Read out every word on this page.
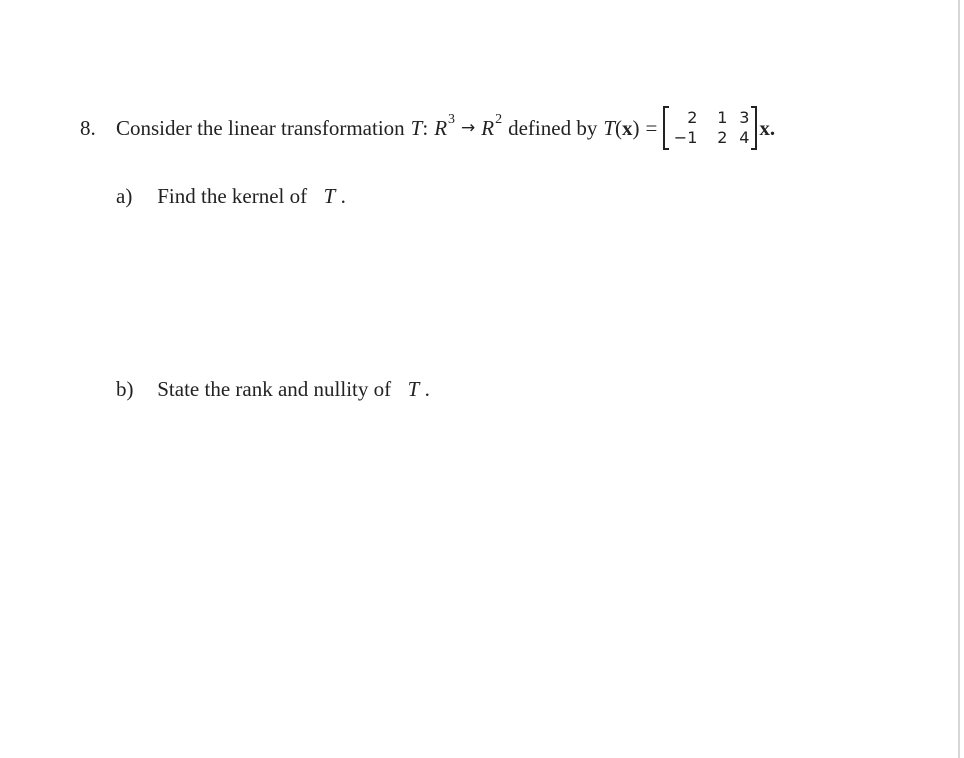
8. Consider the linear transformation T : R 3 → R 2 defined by T ( x ) =	2	1 3
−1	2 4 x.
a) Find the kernel of T .
b) State the rank and nullity of T .
